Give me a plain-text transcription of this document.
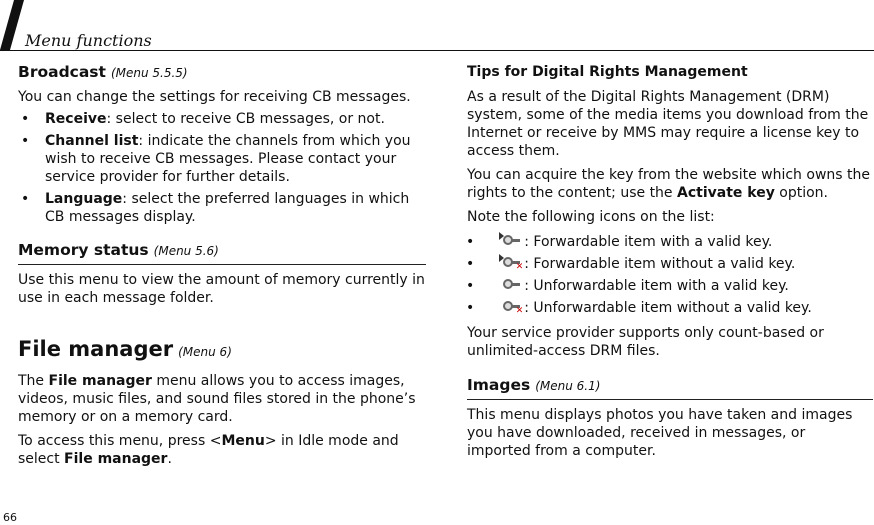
Menu functions
Broadcast (Menu 5.5.5)

You can change the settings for receiving CB messages.

• Receive: select to receive CB messages, or not.
• Channel list: indicate the channels from which you wish to receive CB messages. Please contact your service provider for further details.
• Language: select the preferred languages in which CB messages display.
Memory status (Menu 5.6)

Use this menu to view the amount of memory currently in use in each message folder.

File manager (Menu 6)

The File manager menu allows you to access images, videos, music files, and sound files stored in the phone’s memory or on a memory card.

To access this menu, press <Menu> in Idle mode and select File manager.

Tips for Digital Rights Management

As a result of the Digital Rights Management (DRM) system, some of the media items you download from the Internet or receive by MMS may require a license key to access them.

You can acquire the key from the website which owns the rights to the content; use the Activate key option.

Note the following icons on the list:

•	: Forwardable item with a valid key.
•	✕ : Forwardable item without a valid key.
•	: Unforwardable item with a valid key.
•	✕ : Unforwardable item without a valid key.

Your service provider supports only count-based or unlimited-access DRM files.

Images (Menu 6.1)

This menu displays photos you have taken and images you have downloaded, received in messages, or imported from a computer.

66
